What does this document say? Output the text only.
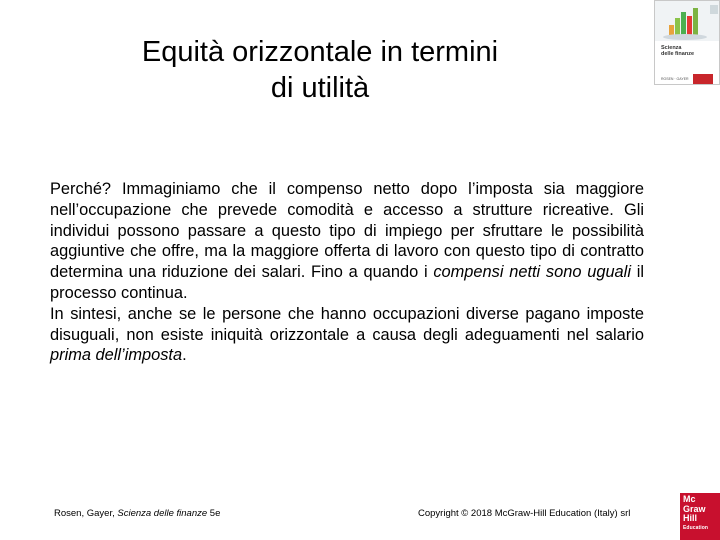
Equità orizzontale in termini
di utilità

Perché? Immaginiamo che il compenso netto dopo l’imposta sia maggiore nell’occupazione che prevede comodità e accesso a strutture ricreative. Gli individui possono passare a questo tipo di impiego per sfruttare le possibilità aggiuntive che offre, ma la maggiore offerta di lavoro con questo tipo di contratto determina una riduzione dei salari. Fino a quando i compensi netti sono uguali il processo continua.

In sintesi, anche se le persone che hanno occupazioni diverse pagano imposte disuguali, non esiste iniquità orizzontale a causa degli adeguamenti nel salario prima dell’imposta.

Rosen, Gayer, Scienza delle finanze 5e	Copyright © 2018 McGraw-Hill Education (Italy) srl
Scienza
delle finanze
ROSEN · GAYER
Mc
Graw
Hill
Education
